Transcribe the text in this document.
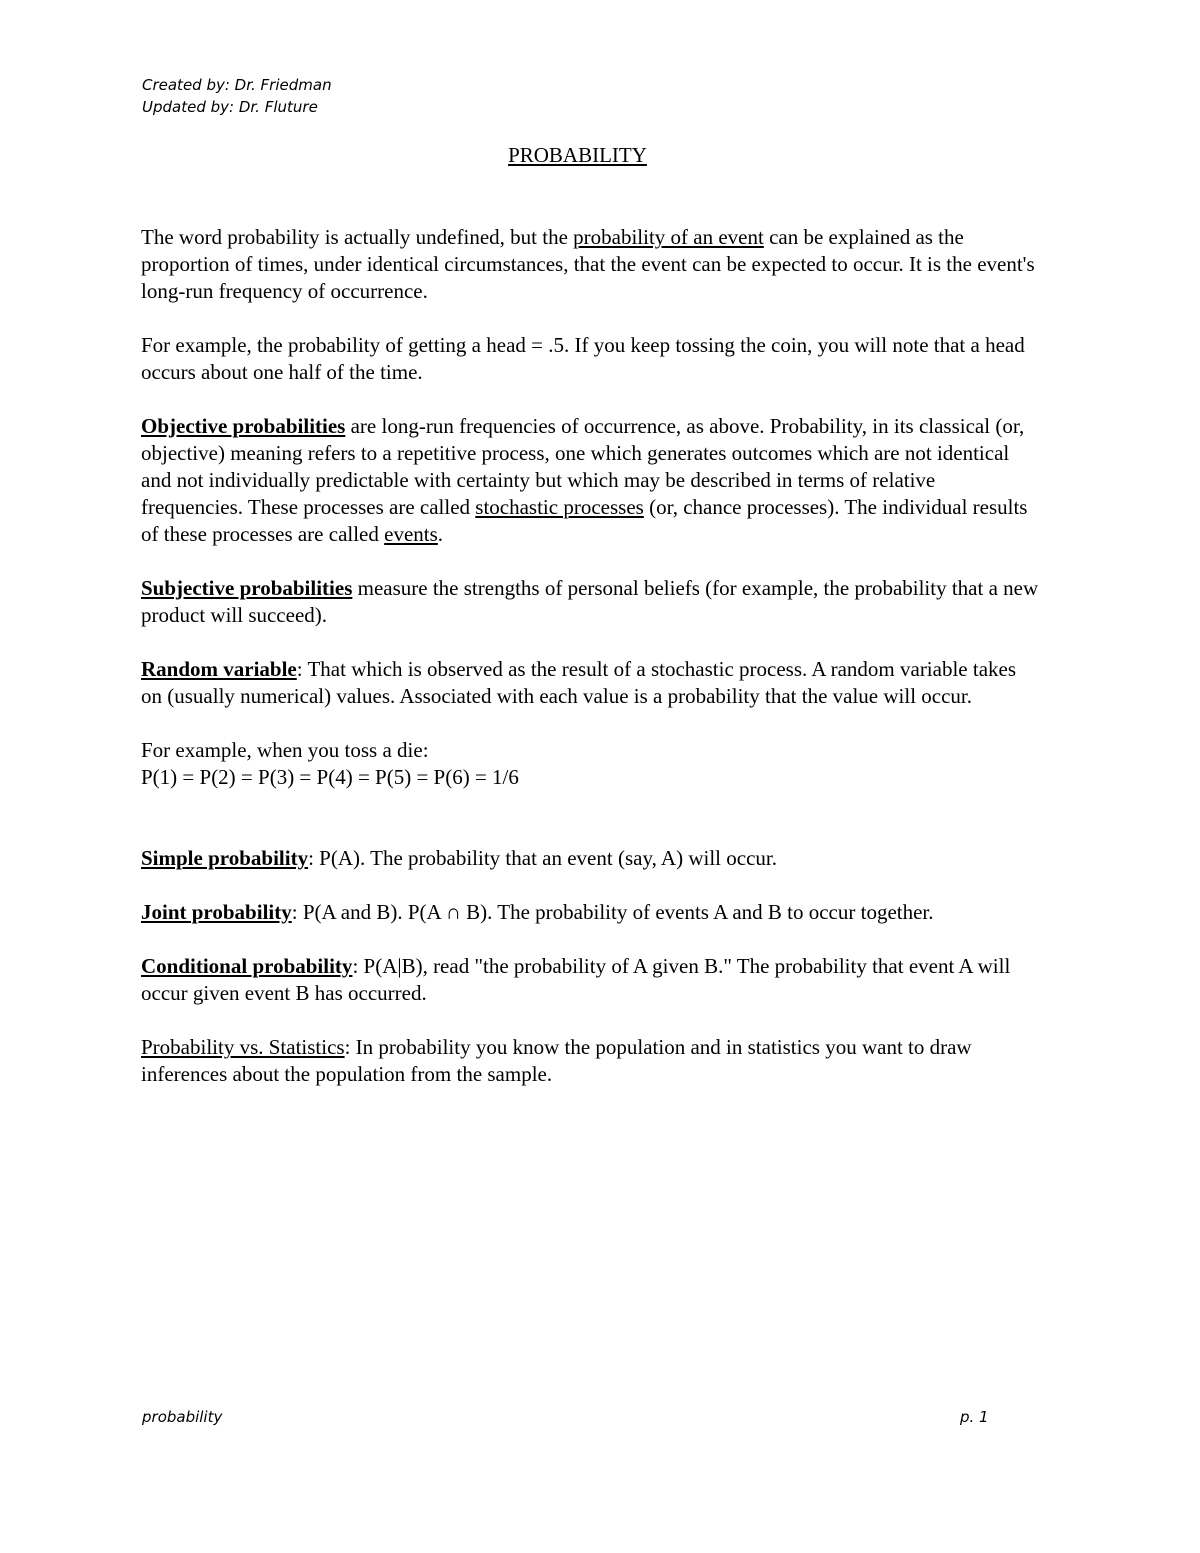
Created by: Dr. Friedman
Updated by: Dr. Fluture
PROBABILITY

The word probability is actually undefined, but the probability of an event can be explained as the proportion of times, under identical circumstances, that the event can be expected to occur. It is the event's long-run frequency of occurrence.

For example, the probability of getting a head = .5. If you keep tossing the coin, you will note that a head occurs about one half of the time.

Objective probabilities are long-run frequencies of occurrence, as above. Probability, in its classical (or, objective) meaning refers to a repetitive process, one which generates outcomes which are not identical and not individually predictable with certainty but which may be described in terms of relative frequencies. These processes are called stochastic processes (or, chance processes). The individual results of these processes are called events.

Subjective probabilities measure the strengths of personal beliefs (for example, the probability that a new product will succeed).

Random variable: That which is observed as the result of a stochastic process. A random variable takes on (usually numerical) values. Associated with each value is a probability that the value will occur.

For example, when you toss a die:
P(1) = P(2) = P(3) = P(4) = P(5) = P(6) = 1/6

Simple probability: P(A). The probability that an event (say, A) will occur.

Joint probability: P(A and B). P(A ∩ B). The probability of events A and B to occur together.

Conditional probability: P(A|B), read "the probability of A given B." The probability that event A will occur given event B has occurred.

Probability vs. Statistics: In probability you know the population and in statistics you want to draw inferences about the population from the sample.

probability	p. 1
